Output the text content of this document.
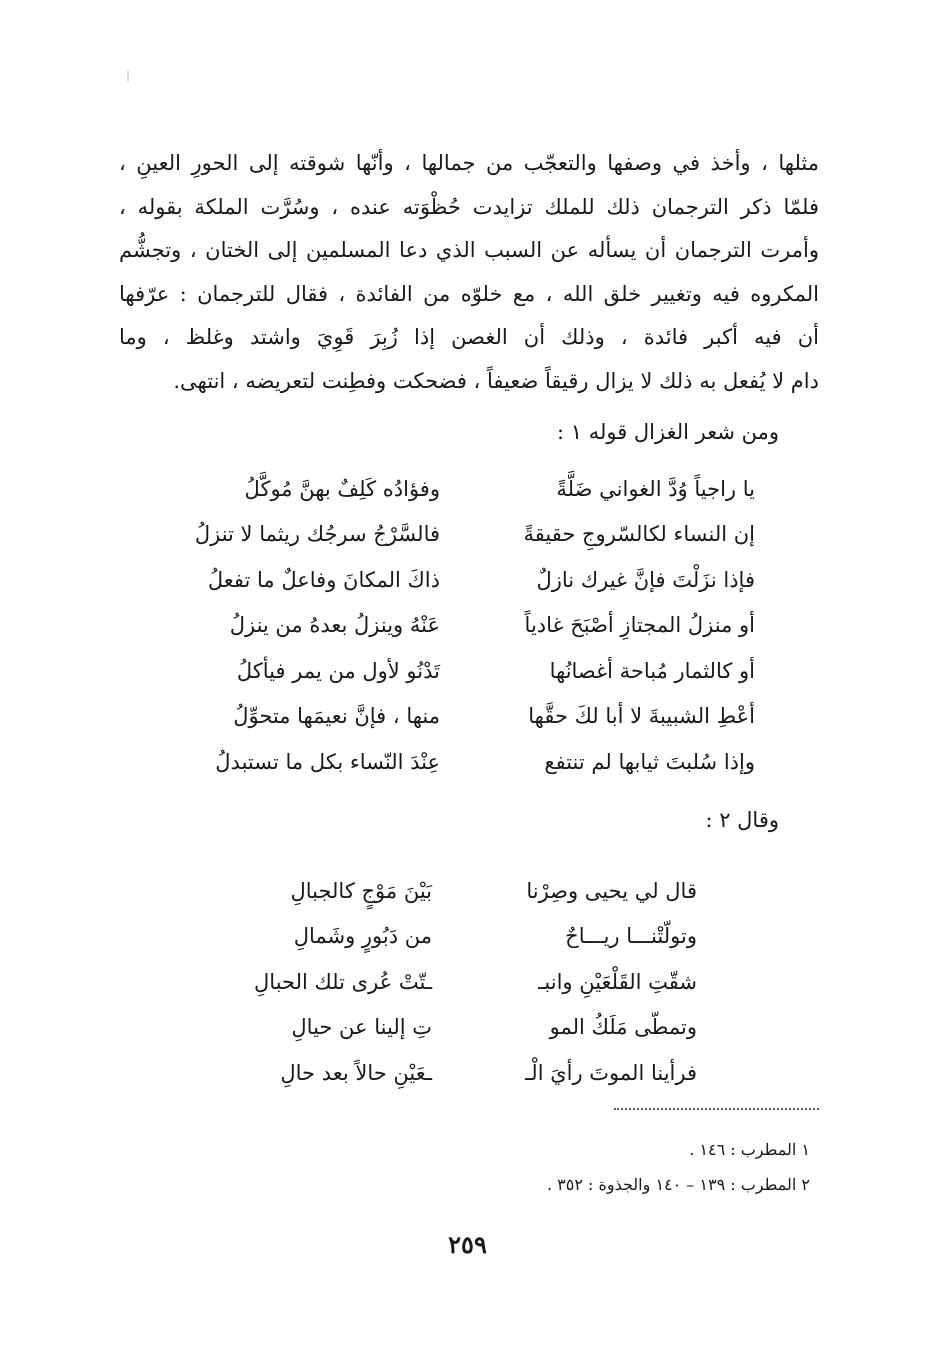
|

مثلها ، وأخذ في وصفها والتعجّب من جمالها ، وأنّها شوقته إلى الحورِ العينِ ،

فلمّا ذكر الترجمان ذلك للملك تزايدت حُظْوَته عنده ، وسُرَّت الملكة بقوله ،

وأمرت الترجمان أن يسأله عن السبب الذي دعا المسلمين إلى الختان ، وتجشُّم

المكروه فيه وتغيير خلق الله ، مع خلوّه من الفائدة ، فقال للترجمان : عرّفها

أن فيه أكبر فائدة ، وذلك أن الغصن إذا زُبِرَ قَوِيَ واشتد وغلظ ، وما

دام لا يُفعل به ذلك لا يزال رقيقاً ضعيفاً ، فضحكت وفطِنت لتعريضه ، انتهى.

ومن شعر الغزال قوله ١ :
يا راجياً وُدَّ الغواني ضَلَّةً
وفؤادُه كَلِفٌ بهنَّ مُوكَّلُ
إن النساء لكالسّروجِ حقيقةً
فالسَّرْجُ سرجُك ريثما لا تنزلُ
فإذا نزَلْتَ فإنَّ غيرك نازلٌ
ذاكَ المكانَ وفاعلٌ ما تفعلُ
أو منزلُ المجتازِ أصْبَحَ غادياً
عَنْهُ وينزلُ بعدهُ من ينزلُ
أو كالثمار مُباحة أغصانُها
تَدْنُو لأول من يمر فيأكلُ
أعْطِ الشبيبةَ لا أبا لكَ حقَّها
منها ، فإنَّ نعيمَها متحوِّلُ
وإذا سُلبتَ ثيابها لم تنتفع
عِنْدَ النّساء بكل ما تستبدلُ
وقال ٢ :
قال لي يحيى وصِرْنا
بَيْنَ مَوْجٍ كالجبالِ
وتولّتْنـــا ريـــاحٌ
من دَبُورٍ وشَمالِ
شقّتِ القَلْعَيْنِ وانبـ
ـتّتْ عُرى تلك الحبالِ
وتمطّى مَلَكُ المو
تِ إلينا عن حيالِ
فرأينا الموتَ رأيَ الْـ
ـعَيْنِ حالاً بعد حالِ
١ المطرب : ١٤٦ .
٢ المطرب : ١٣٩ – ١٤٠ والجذوة : ٣٥٢ .
٢٥٩
